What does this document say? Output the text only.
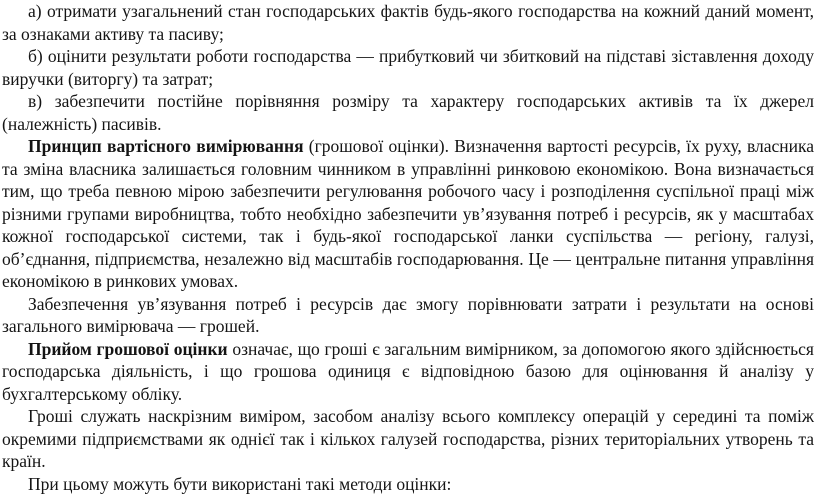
а) отримати узагальнений стан господарських фактів будь-якого господарства на кожний даний момент, за ознаками активу та пасиву;

б) оцінити результати роботи господарства — прибутковий чи збитковий на підставі зіставлення доходу виручки (виторгу) та затрат;

в) забезпечити постійне порівняння розміру та характеру господарських активів та їх джерел (належність) пасивів.

Принцип вартісного вимірювання (грошової оцінки). Визначення вартості ресурсів, їх руху, власника та зміна власника залишається головним чинником в управлінні ринковою економікою. Вона визначається тим, що треба певною мірою забезпечити регулювання робочого часу і розподілення суспільної праці між різними групами виробництва, тобто необхідно забезпечити ув’язування потреб і ресурсів, як у масштабах кожної господарської системи, так і будь-якої господарської ланки суспільства — регіону, галузі, об’єднання, підприємства, незалежно від масштабів господарювання. Це — центральне питання управління економікою в ринкових умовах.

Забезпечення ув’язування потреб і ресурсів дає змогу порівнювати затрати і результати на основі загального вимірювача — грошей.

Прийом грошової оцінки означає, що гроші є загальним вимірником, за допомогою якого здійснюється господарська діяльність, і що грошова одиниця є відповідною базою для оцінювання й аналізу у бухгалтерському обліку.

Гроші служать наскрізним виміром, засобом аналізу всього комплексу операцій у середині та поміж окремими підприємствами як однієї так і кількох галузей господарства, різних територіальних утворень та країн.

При цьому можуть бути використані такі методи оцінки:
